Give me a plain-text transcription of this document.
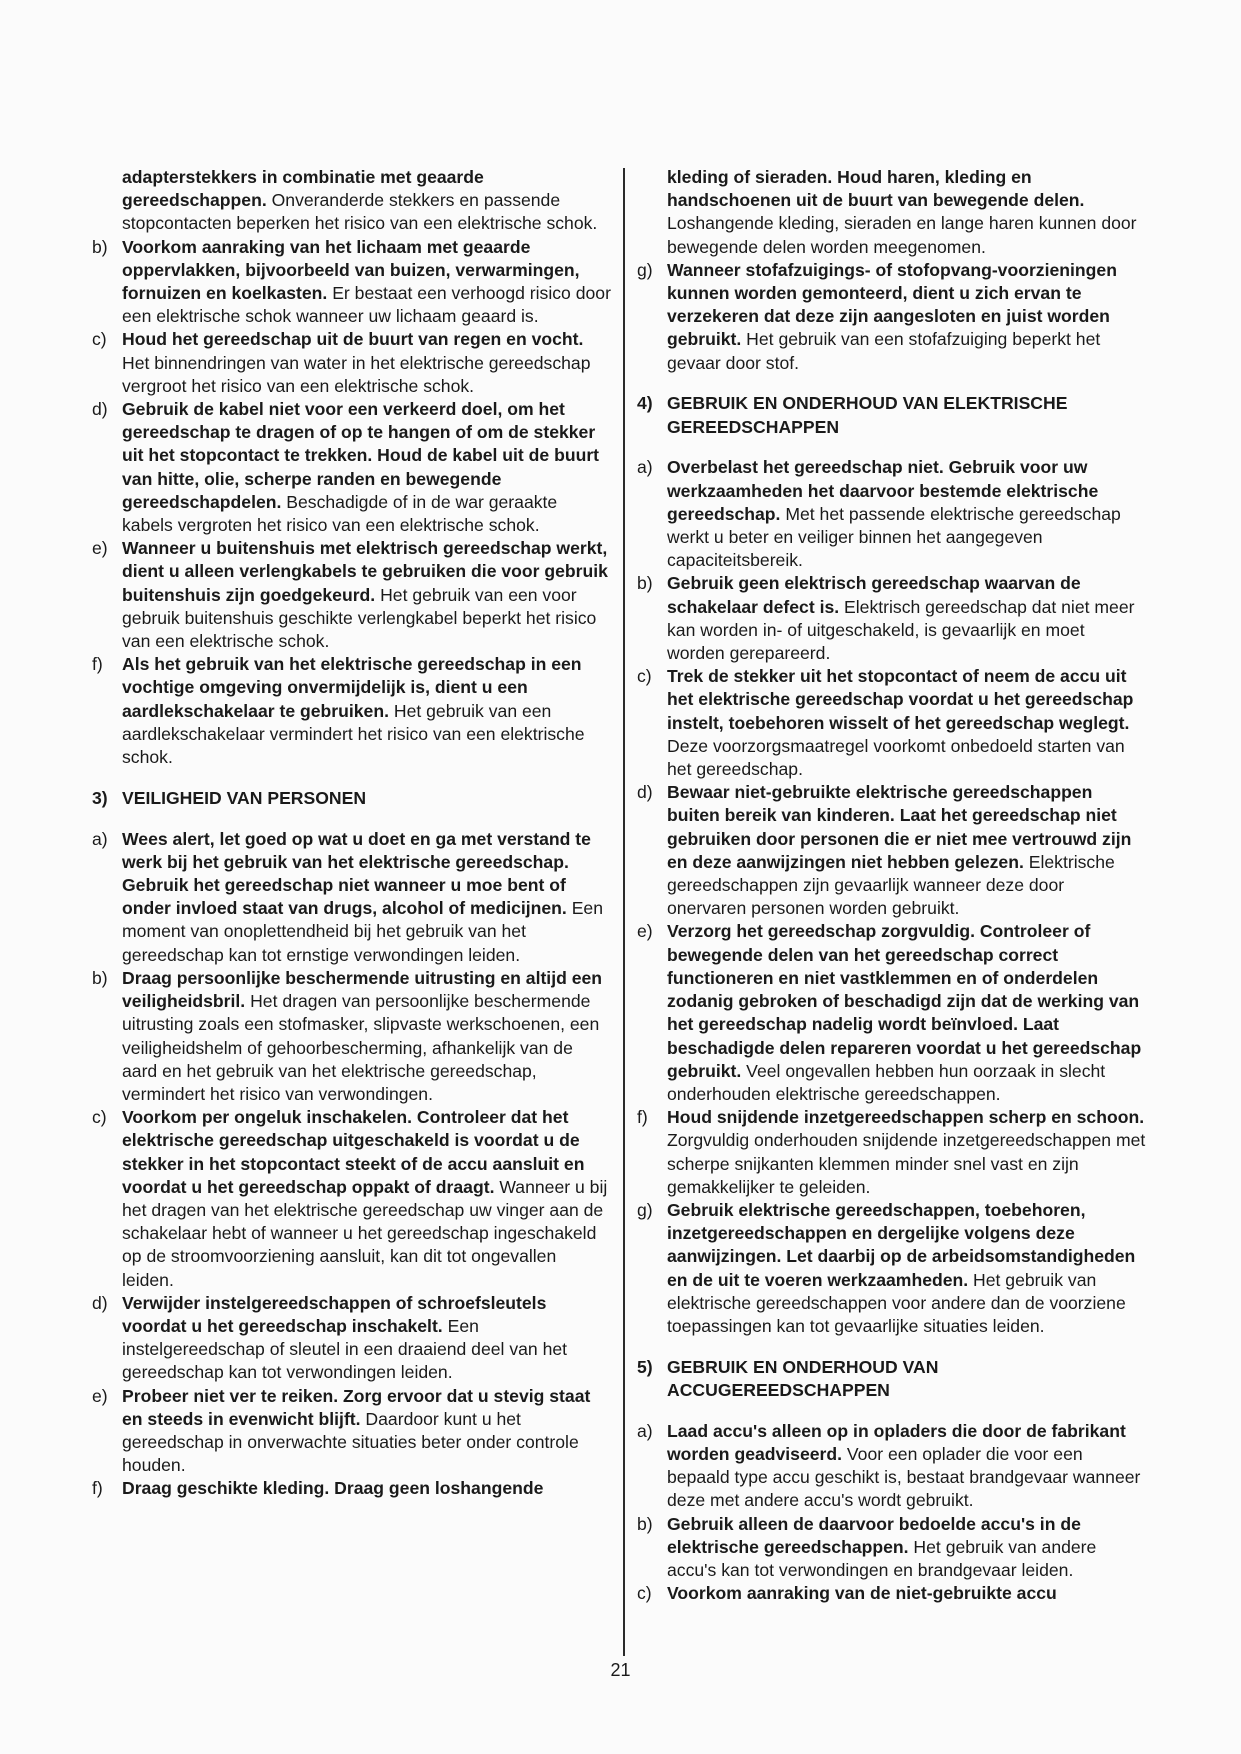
adapterstekkers in combinatie met geaarde gereedschappen. Onveranderde stekkers en passende stopcontacten beperken het risico van een elektrische schok.

b) Voorkom aanraking van het lichaam met geaarde oppervlakken, bijvoorbeeld van buizen, verwarmingen, fornuizen en koelkasten. Er bestaat een verhoogd risico door een elektrische schok wanneer uw lichaam geaard is.

c) Houd het gereedschap uit de buurt van regen en vocht. Het binnendringen van water in het elektrische gereedschap vergroot het risico van een elektrische schok.

d) Gebruik de kabel niet voor een verkeerd doel, om het gereedschap te dragen of op te hangen of om de stekker uit het stopcontact te trekken. Houd de kabel uit de buurt van hitte, olie, scherpe randen en bewegende gereedschapdelen. Beschadigde of in de war geraakte kabels vergroten het risico van een elektrische schok.

e) Wanneer u buitenshuis met elektrisch gereedschap werkt, dient u alleen verlengkabels te gebruiken die voor gebruik buitenshuis zijn goedgekeurd. Het gebruik van een voor gebruik buitenshuis geschikte verlengkabel beperkt het risico van een elektrische schok.

f) Als het gebruik van het elektrische gereedschap in een vochtige omgeving onvermijdelijk is, dient u een aardlekschakelaar te gebruiken. Het gebruik van een aardlekschakelaar vermindert het risico van een elektrische schok.

3) VEILIGHEID VAN PERSONEN

a) Wees alert, let goed op wat u doet en ga met verstand te werk bij het gebruik van het elektrische gereedschap. Gebruik het gereedschap niet wanneer u moe bent of onder invloed staat van drugs, alcohol of medicijnen. Een moment van onoplettendheid bij het gebruik van het gereedschap kan tot ernstige verwondingen leiden.

b) Draag persoonlijke beschermende uitrusting en altijd een veiligheidsbril. Het dragen van persoonlijke beschermende uitrusting zoals een stofmasker, slipvaste werkschoenen, een veiligheidshelm of gehoorbescherming, afhankelijk van de aard en het gebruik van het elektrische gereedschap, vermindert het risico van verwondingen.

c) Voorkom per ongeluk inschakelen. Controleer dat het elektrische gereedschap uitgeschakeld is voordat u de stekker in het stopcontact steekt of de accu aansluit en voordat u het gereedschap oppakt of draagt. Wanneer u bij het dragen van het elektrische gereedschap uw vinger aan de schakelaar hebt of wanneer u het gereedschap ingeschakeld op de stroomvoorziening aansluit, kan dit tot ongevallen leiden.

d) Verwijder instelgereedschappen of schroefsleutels voordat u het gereedschap inschakelt. Een instelgereedschap of sleutel in een draaiend deel van het gereedschap kan tot verwondingen leiden.

e) Probeer niet ver te reiken. Zorg ervoor dat u stevig staat en steeds in evenwicht blijft. Daardoor kunt u het gereedschap in onverwachte situaties beter onder controle houden.

f) Draag geschikte kleding. Draag geen loshangende

kleding of sieraden. Houd haren, kleding en handschoenen uit de buurt van bewegende delen. Loshangende kleding, sieraden en lange haren kunnen door bewegende delen worden meegenomen.

g) Wanneer stofafzuigings- of stofopvang-voorzieningen kunnen worden gemonteerd, dient u zich ervan te verzekeren dat deze zijn aangesloten en juist worden gebruikt. Het gebruik van een stofafzuiging beperkt het gevaar door stof.

4) GEBRUIK EN ONDERHOUD VAN ELEKTRISCHE GEREEDSCHAPPEN

a) Overbelast het gereedschap niet. Gebruik voor uw werkzaamheden het daarvoor bestemde elektrische gereedschap. Met het passende elektrische gereedschap werkt u beter en veiliger binnen het aangegeven capaciteitsbereik.

b) Gebruik geen elektrisch gereedschap waarvan de schakelaar defect is. Elektrisch gereedschap dat niet meer kan worden in- of uitgeschakeld, is gevaarlijk en moet worden gerepareerd.

c) Trek de stekker uit het stopcontact of neem de accu uit het elektrische gereedschap voordat u het gereedschap instelt, toebehoren wisselt of het gereedschap weglegt. Deze voorzorgsmaatregel voorkomt onbedoeld starten van het gereedschap.

d) Bewaar niet-gebruikte elektrische gereedschappen buiten bereik van kinderen. Laat het gereedschap niet gebruiken door personen die er niet mee vertrouwd zijn en deze aanwijzingen niet hebben gelezen. Elektrische gereedschappen zijn gevaarlijk wanneer deze door onervaren personen worden gebruikt.

e) Verzorg het gereedschap zorgvuldig. Controleer of bewegende delen van het gereedschap correct functioneren en niet vastklemmen en of onderdelen zodanig gebroken of beschadigd zijn dat de werking van het gereedschap nadelig wordt beïnvloed. Laat beschadigde delen repareren voordat u het gereedschap gebruikt. Veel ongevallen hebben hun oorzaak in slecht onderhouden elektrische gereedschappen.

f) Houd snijdende inzetgereedschappen scherp en schoon. Zorgvuldig onderhouden snijdende inzetgereedschappen met scherpe snijkanten klemmen minder snel vast en zijn gemakkelijker te geleiden.

g) Gebruik elektrische gereedschappen, toebehoren, inzetgereedschappen en dergelijke volgens deze aanwijzingen. Let daarbij op de arbeidsomstandigheden en de uit te voeren werkzaamheden. Het gebruik van elektrische gereedschappen voor andere dan de voorziene toepassingen kan tot gevaarlijke situaties leiden.

5) GEBRUIK EN ONDERHOUD VAN ACCUGEREEDSCHAPPEN

a) Laad accu's alleen op in opladers die door de fabrikant worden geadviseerd. Voor een oplader die voor een bepaald type accu geschikt is, bestaat brandgevaar wanneer deze met andere accu's wordt gebruikt.

b) Gebruik alleen de daarvoor bedoelde accu's in de elektrische gereedschappen. Het gebruik van andere accu's kan tot verwondingen en brandgevaar leiden.

c) Voorkom aanraking van de niet-gebruikte accu

21
